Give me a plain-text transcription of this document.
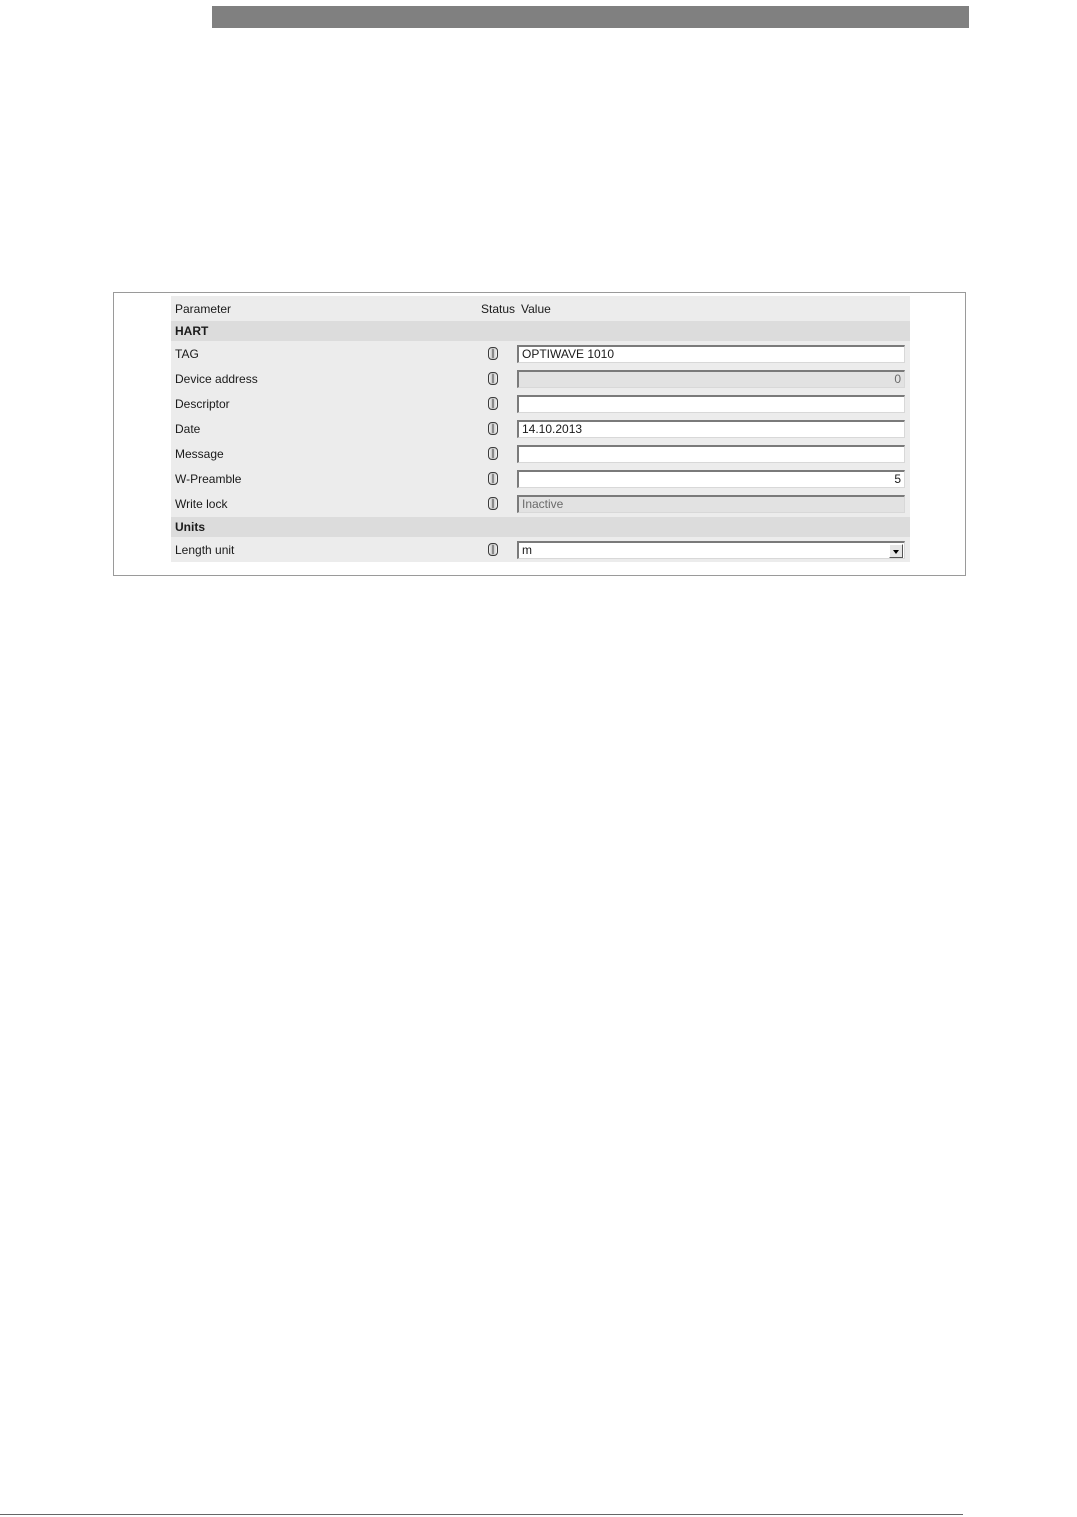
Parameter	Status Value
HART
TAG	OPTIWAVE 1010
Device address	0
Descriptor
Date	14.10.2013
Message
W-Preamble	5
Write lock	Inactive
Units
Length unit	m
